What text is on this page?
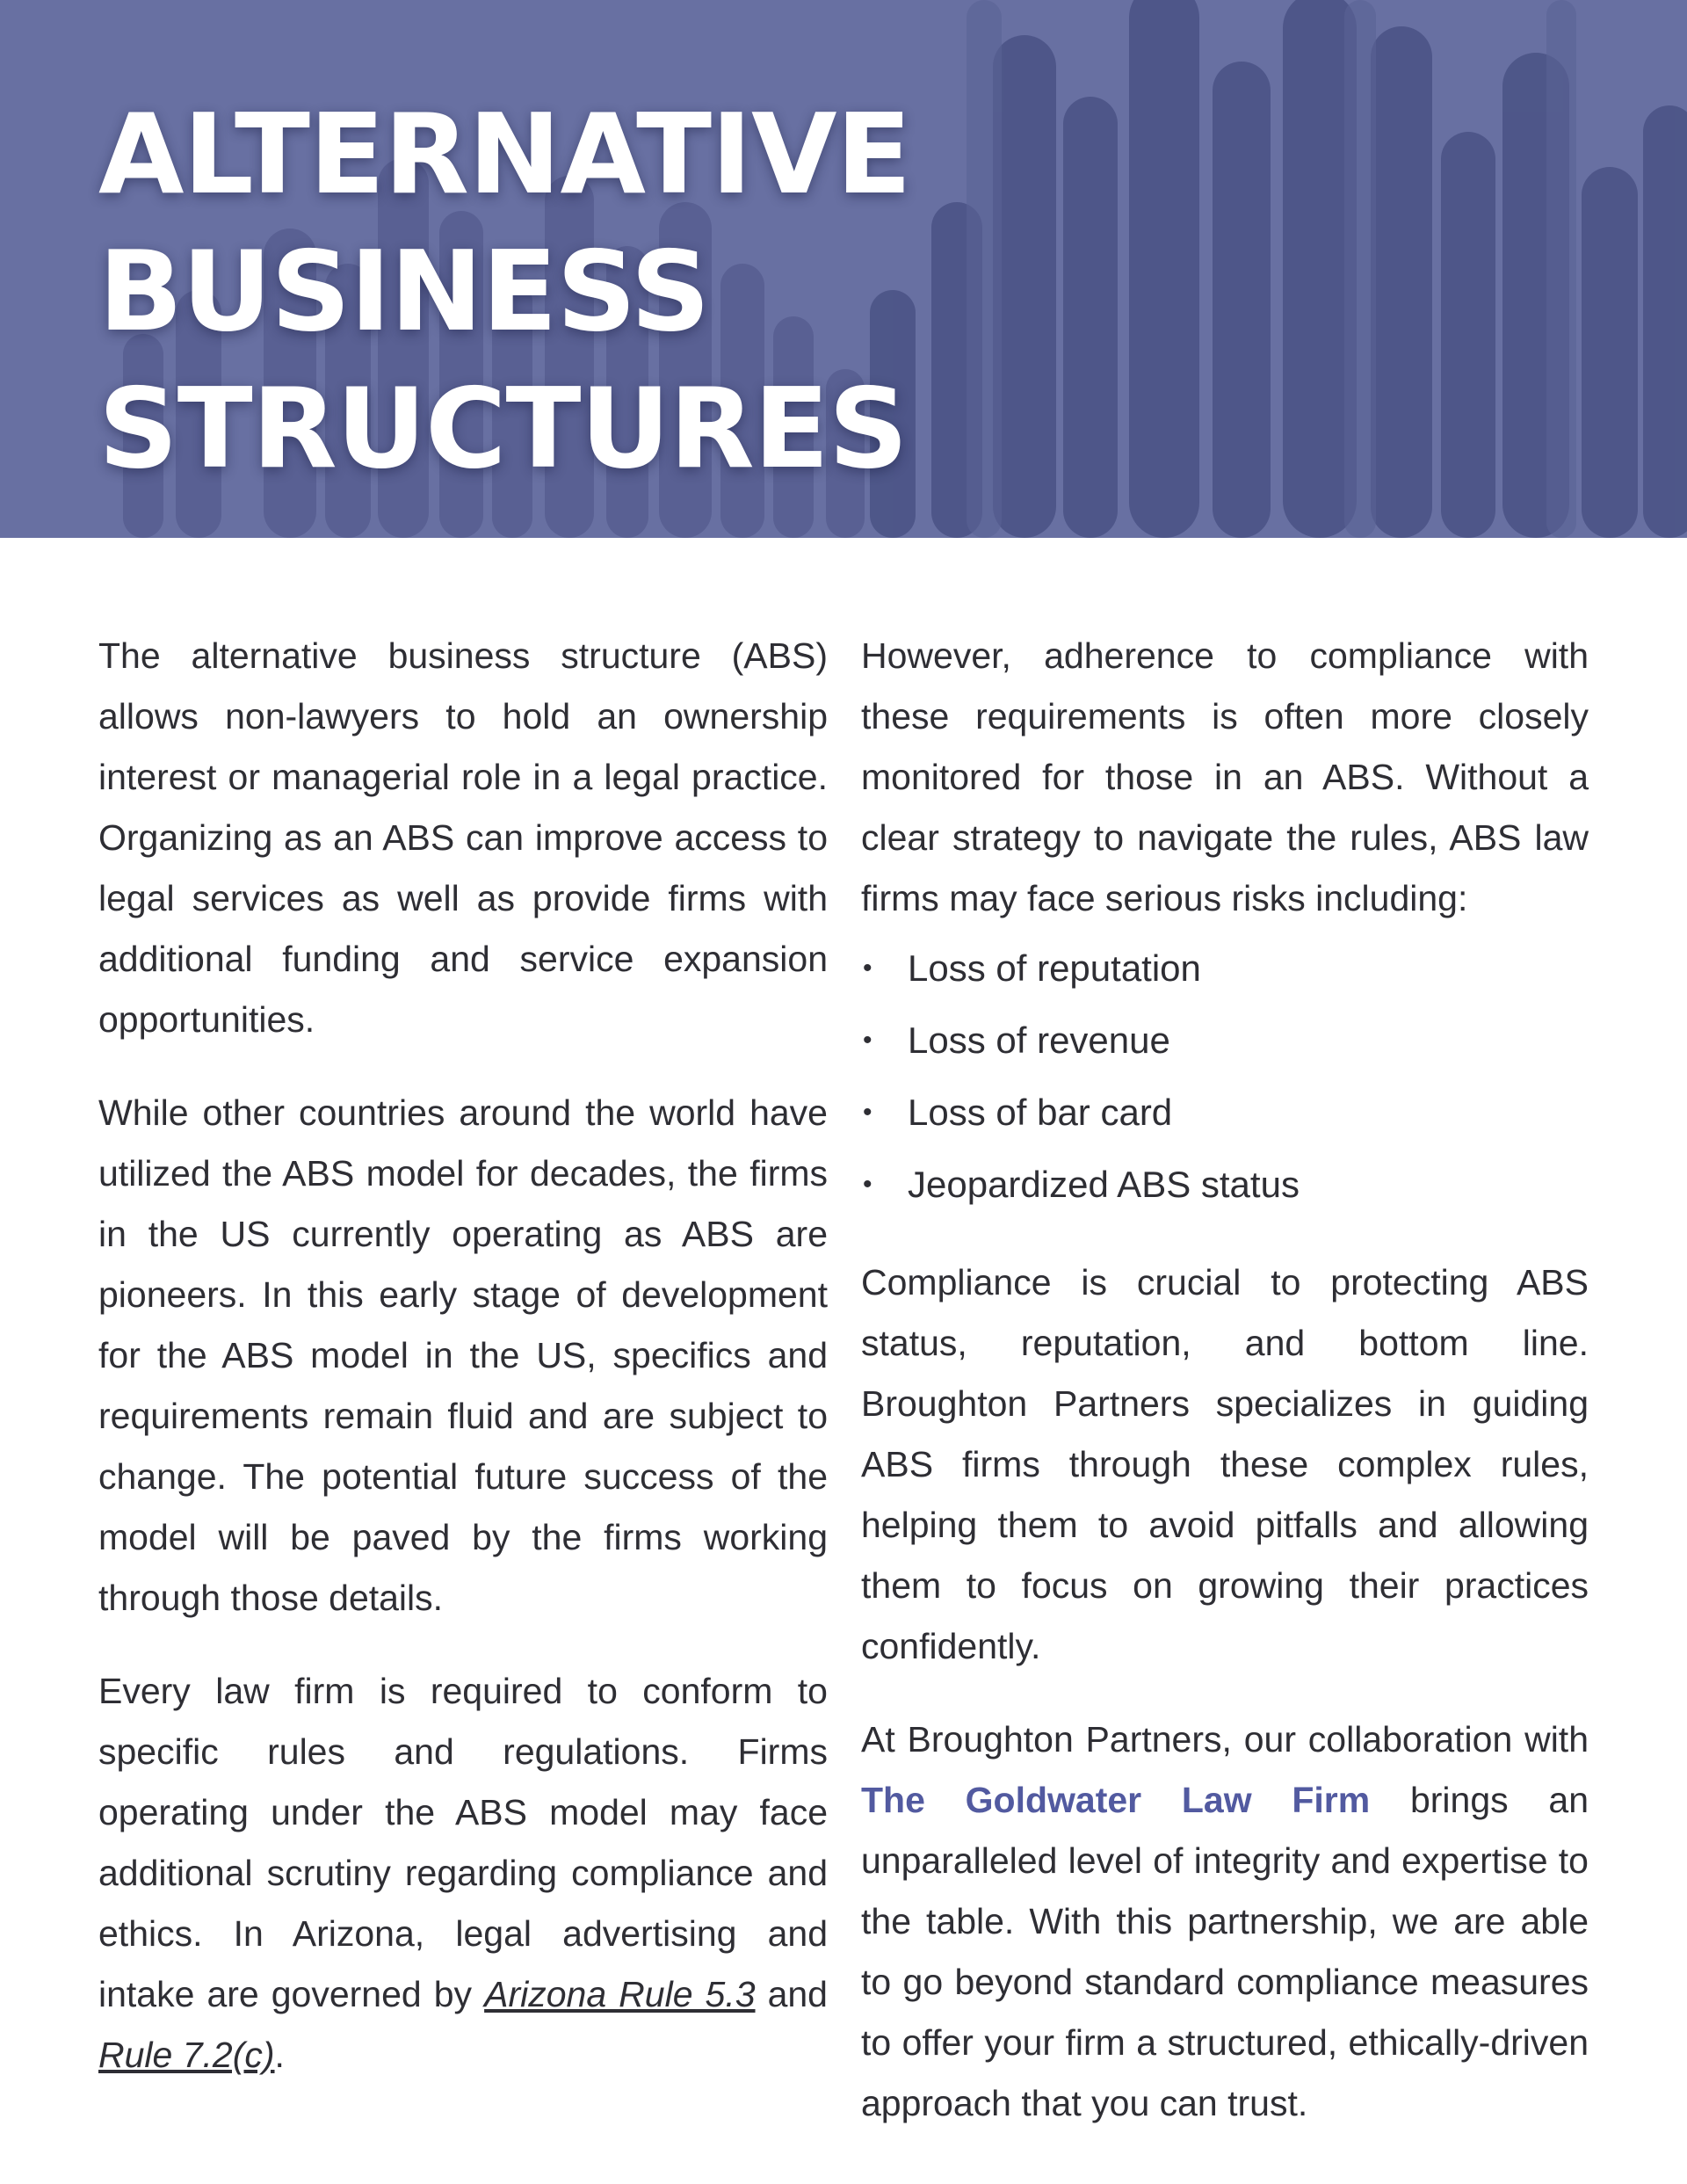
ALTERNATIVE
BUSINESS
STRUCTURES

The alternative business structure (ABS) allows non-lawyers to hold an ownership interest or managerial role in a legal practice. Organizing as an ABS can improve access to legal services as well as provide firms with additional funding and service expansion opportunities.

While other countries around the world have utilized the ABS model for decades, the firms in the US currently operating as ABS are pioneers. In this early stage of development for the ABS model in the US, specifics and requirements remain fluid and are subject to change. The potential future success of the model will be paved by the firms working through those details.

Every law firm is required to conform to specific rules and regulations. Firms operating under the ABS model may face additional scrutiny regarding compliance and ethics. In Arizona, legal advertising and intake are governed by Arizona Rule 5.3 and Rule 7.2(c).

However, adherence to compliance with these requirements is often more closely monitored for those in an ABS. Without a clear strategy to navigate the rules, ABS law firms may face serious risks including:

• Loss of reputation
• Loss of revenue
• Loss of bar card
• Jeopardized ABS status

Compliance is crucial to protecting ABS status, reputation, and bottom line. Broughton Partners specializes in guiding ABS firms through these complex rules, helping them to avoid pitfalls and allowing them to focus on growing their practices confidently.

At Broughton Partners, our collaboration with The Goldwater Law Firm brings an unparalleled level of integrity and expertise to the table. With this partnership, we are able to go beyond standard compliance measures to offer your firm a structured, ethically-driven approach that you can trust.
